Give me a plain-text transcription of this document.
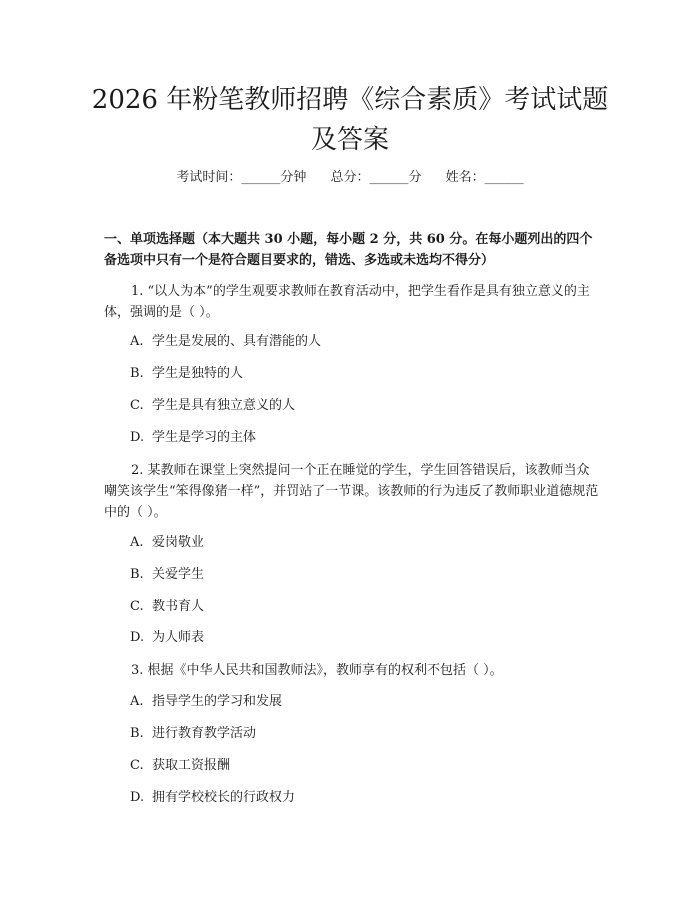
2026 年粉笔教师招聘《综合素质》考试试题及答案
考试时间：______分钟 总分：______分 姓名：______

一、单项选择题（本大题共 30 小题，每小题 2 分，共 60 分。在每小题列出的四个备选项中只有一个是符合题目要求的，错选、多选或未选均不得分）

1. “以人为本”的学生观要求教师在教育活动中，把学生看作是具有独立意义的主体，强调的是（ ）。

A. 学生是发展的、具有潜能的人

B. 学生是独特的人

C. 学生是具有独立意义的人

D. 学生是学习的主体

2. 某教师在课堂上突然提问一个正在睡觉的学生，学生回答错误后，该教师当众嘲笑该学生“笨得像猪一样”，并罚站了一节课。该教师的行为违反了教师职业道德规范中的（ ）。

A. 爱岗敬业

B. 关爱学生

C. 教书育人

D. 为人师表

3. 根据《中华人民共和国教师法》，教师享有的权利不包括（ ）。

A. 指导学生的学习和发展

B. 进行教育教学活动

C. 获取工资报酬

D. 拥有学校校长的行政权力
